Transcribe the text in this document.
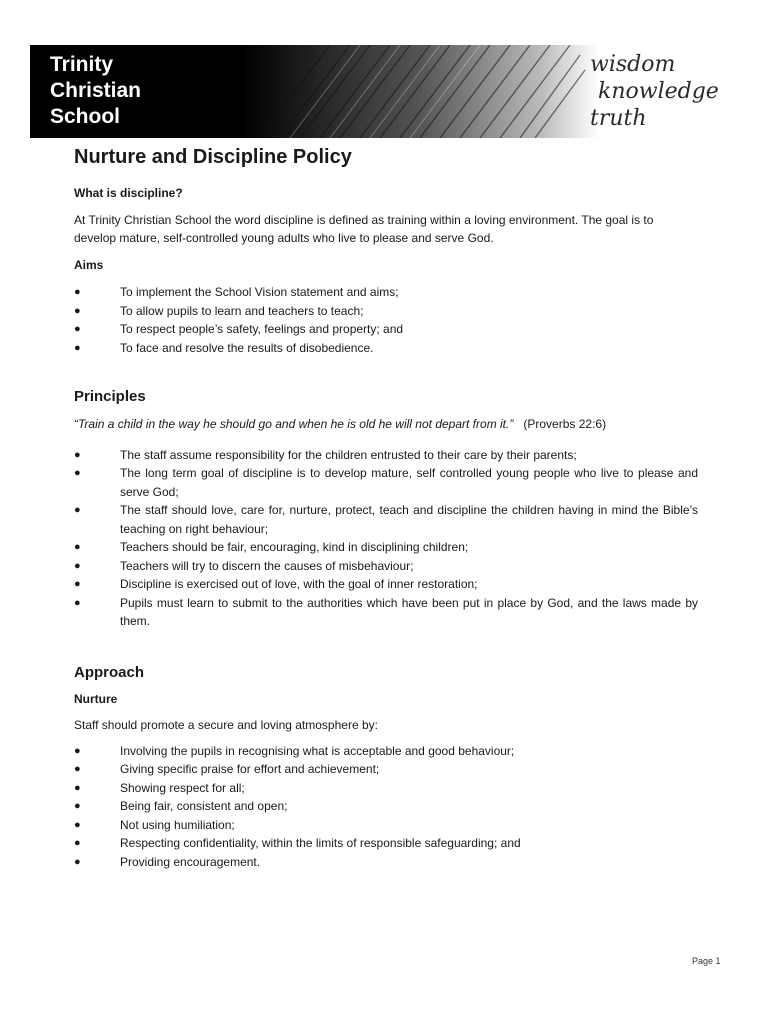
Trinity
Christian
School
wisdom
knowledge
truth
Nurture and Discipline Policy
What is discipline?

At Trinity Christian School the word discipline is defined as training within a loving environment. The goal is to develop mature, self-controlled young adults who live to please and serve God.

Aims
●	To implement the School Vision statement and aims;
●	To allow pupils to learn and teachers to teach;
●	To respect people’s safety, feelings and property; and
●	To face and resolve the results of disobedience.
Principles

“Train a child in the way he should go and when he is old he will not depart from it.” (Proverbs 22:6)

●	The staff assume responsibility for the children entrusted to their care by their parents;
●	The long term goal of discipline is to develop mature, self controlled young people who live to please and serve God;
●	The staff should love, care for, nurture, protect, teach and discipline the children having in mind the Bible’s teaching on right behaviour;
●	Teachers should be fair, encouraging, kind in disciplining children;
●	Teachers will try to discern the causes of misbehaviour;
●	Discipline is exercised out of love, with the goal of inner restoration;
●	Pupils must learn to submit to the authorities which have been put in place by God, and the laws made by them.
Approach
Nurture

Staff should promote a secure and loving atmosphere by:

●	Involving the pupils in recognising what is acceptable and good behaviour;
●	Giving specific praise for effort and achievement;
●	Showing respect for all;
●	Being fair, consistent and open;
●	Not using humiliation;
●	Respecting confidentiality, within the limits of responsible safeguarding; and
●	Providing encouragement.
Page 1
